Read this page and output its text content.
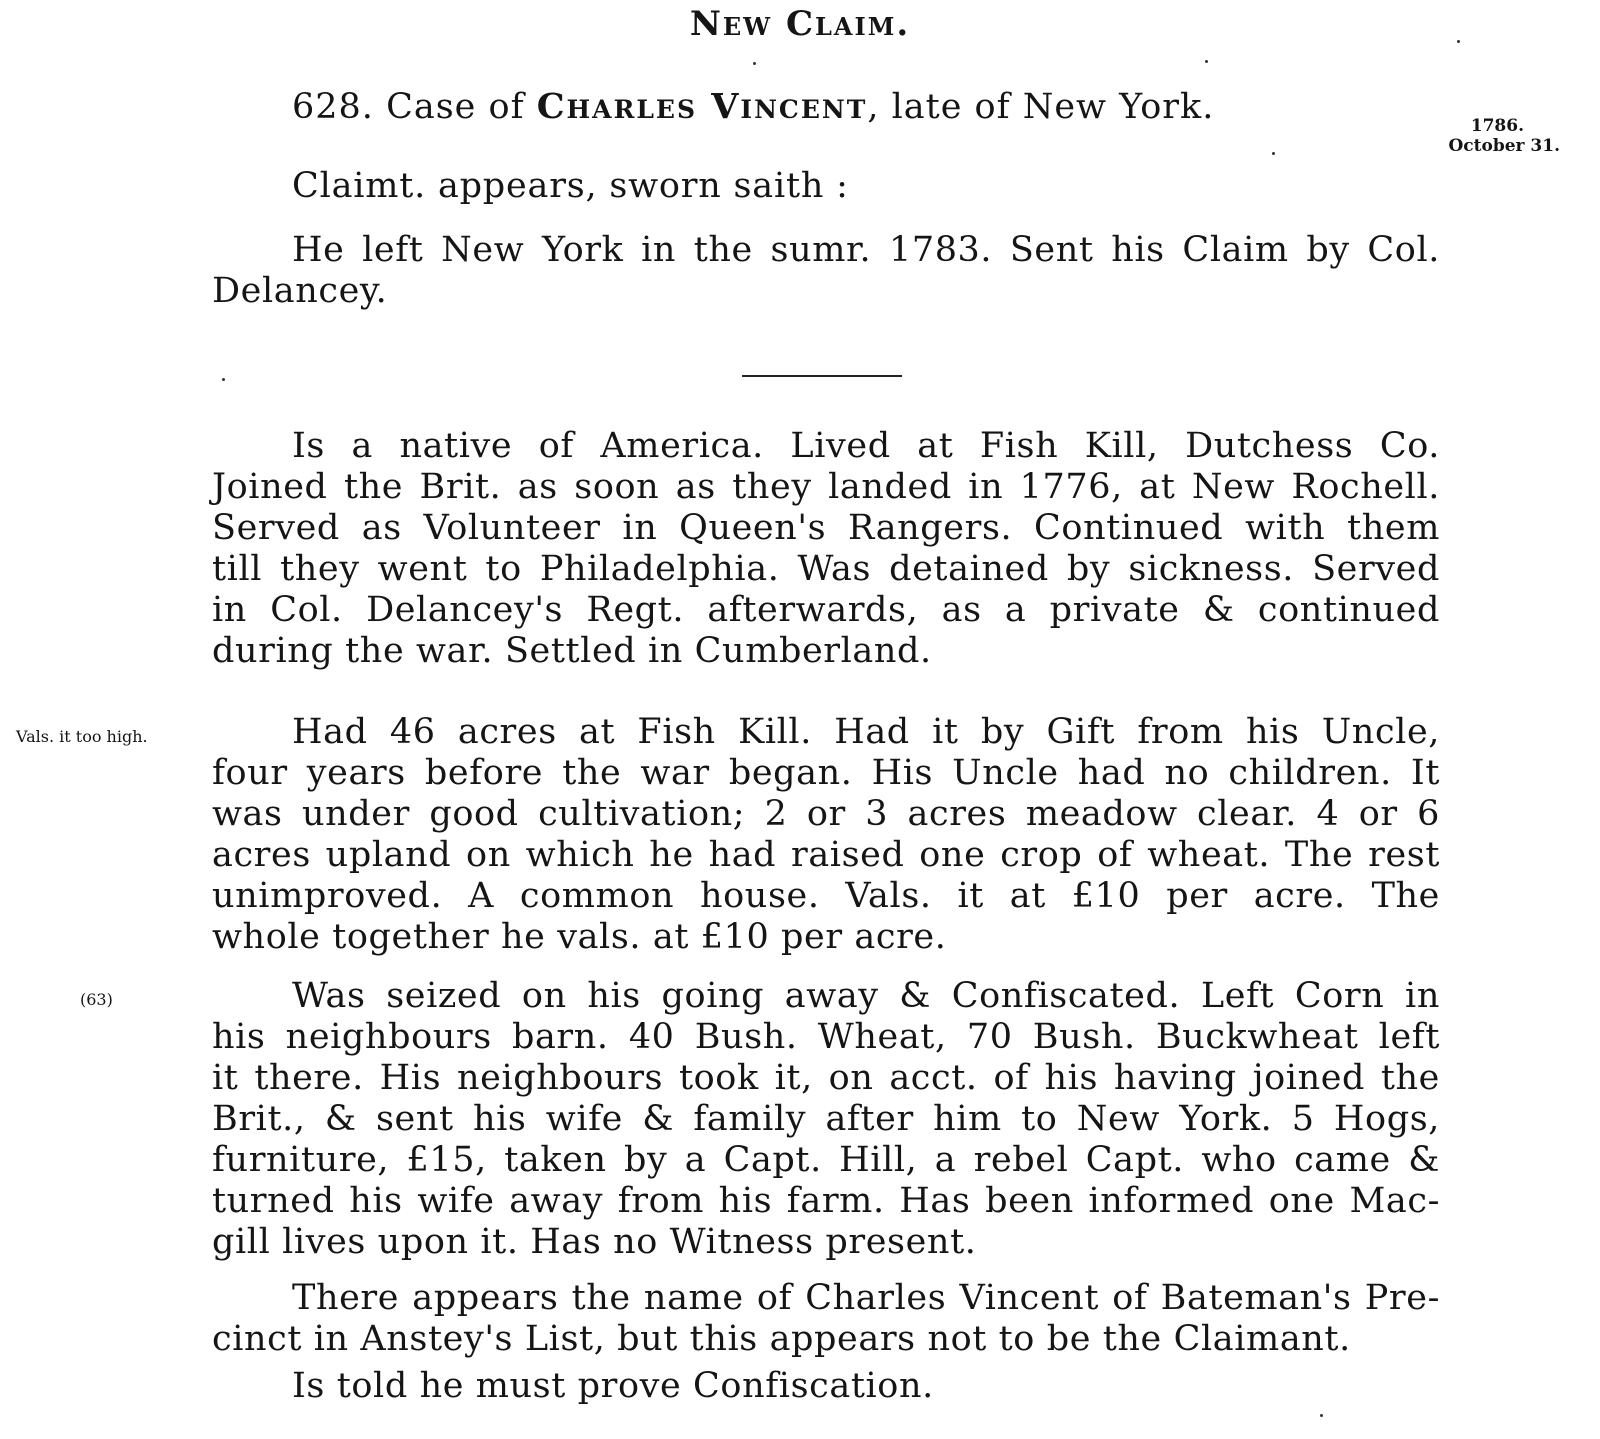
New Claim.
628. Case of Charles Vincent, late of New York.	1786.
October 31.
Claimt. appears, sworn saith :
He left New York in the sumr. 1783. Sent his Claim by Col.
Delancey.
Is a native of America. Lived at Fish Kill, Dutchess Co.
Joined the Brit. as soon as they landed in 1776, at New Rochell.
Served as Volunteer in Queen's Rangers. Continued with them
till they went to Philadelphia. Was detained by sickness. Served
in Col. Delancey's Regt. afterwards, as a private & continued
during the war. Settled in Cumberland.
Vals. it too high.	Had 46 acres at Fish Kill. Had it by Gift from his Uncle,
four years before the war began. His Uncle had no children. It
was under good cultivation; 2 or 3 acres meadow clear. 4 or 6
acres upland on which he had raised one crop of wheat. The rest
unimproved. A common house. Vals. it at £10 per acre. The
whole together he vals. at £10 per acre.
(63)	Was seized on his going away & Confiscated. Left Corn in
his neighbours barn. 40 Bush. Wheat, 70 Bush. Buckwheat left
it there. His neighbours took it, on acct. of his having joined the
Brit., & sent his wife & family after him to New York. 5 Hogs,
furniture, £15, taken by a Capt. Hill, a rebel Capt. who came &
turned his wife away from his farm. Has been informed one Mac-
gill lives upon it. Has no Witness present.
There appears the name of Charles Vincent of Bateman's Pre-
cinct in Anstey's List, but this appears not to be the Claimant.
Is told he must prove Confiscation.
